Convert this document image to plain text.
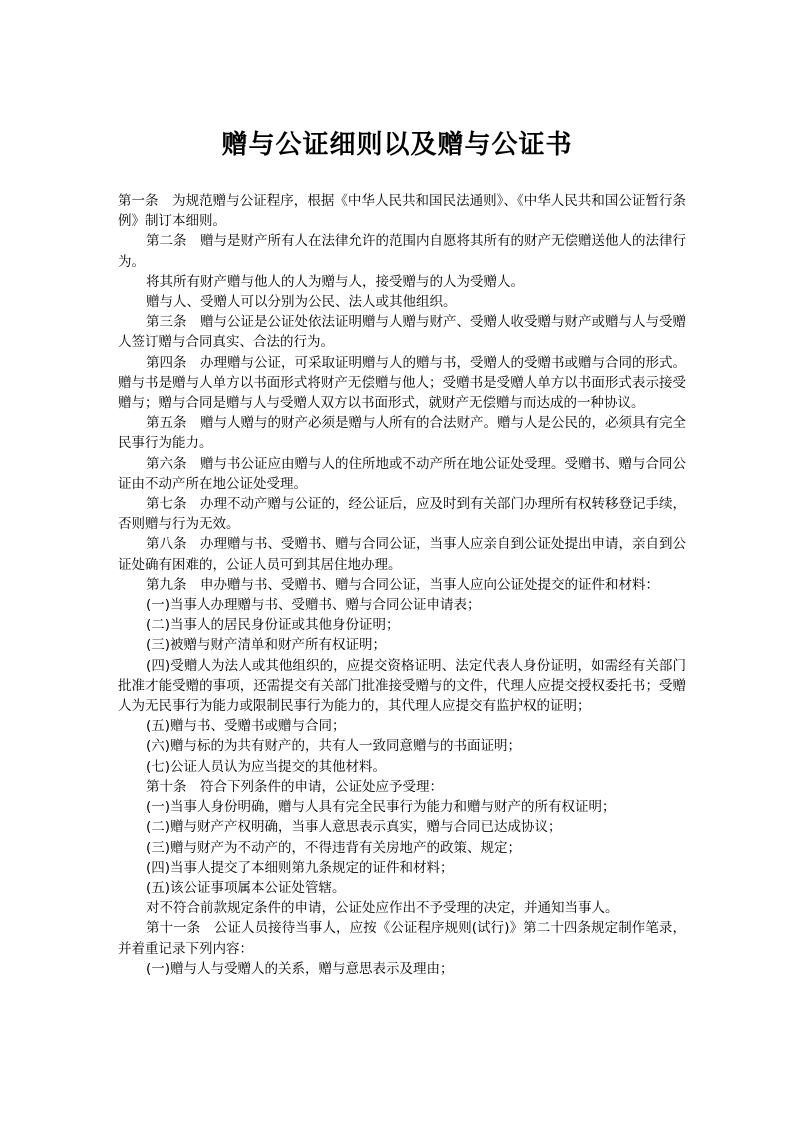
赠与公证细则以及赠与公证书

第一条　为规范赠与公证程序，根据《中华人民共和国民法通则》、《中华人民共和国公证暂行条例》制订本细则。

第二条　赠与是财产所有人在法律允许的范围内自愿将其所有的财产无偿赠送他人的法律行为。

将其所有财产赠与他人的人为赠与人，接受赠与的人为受赠人。

赠与人、受赠人可以分别为公民、法人或其他组织。

第三条　赠与公证是公证处依法证明赠与人赠与财产、受赠人收受赠与财产或赠与人与受赠人签订赠与合同真实、合法的行为。

第四条　办理赠与公证，可采取证明赠与人的赠与书，受赠人的受赠书或赠与合同的形式。赠与书是赠与人单方以书面形式将财产无偿赠与他人；受赠书是受赠人单方以书面形式表示接受赠与；赠与合同是赠与人与受赠人双方以书面形式，就财产无偿赠与而达成的一种协议。

第五条　赠与人赠与的财产必须是赠与人所有的合法财产。赠与人是公民的，必须具有完全民事行为能力。

第六条　赠与书公证应由赠与人的住所地或不动产所在地公证处受理。受赠书、赠与合同公证由不动产所在地公证处受理。

第七条　办理不动产赠与公证的，经公证后，应及时到有关部门办理所有权转移登记手续，否则赠与行为无效。

第八条　办理赠与书、受赠书、赠与合同公证，当事人应亲自到公证处提出申请，亲自到公证处确有困难的，公证人员可到其居住地办理。

第九条　申办赠与书、受赠书、赠与合同公证，当事人应向公证处提交的证件和材料：

(一)当事人办理赠与书、受赠书、赠与合同公证申请表；

(二)当事人的居民身份证或其他身份证明；

(三)被赠与财产清单和财产所有权证明；

(四)受赠人为法人或其他组织的，应提交资格证明、法定代表人身份证明，如需经有关部门批准才能受赠的事项，还需提交有关部门批准接受赠与的文件，代理人应提交授权委托书；受赠人为无民事行为能力或限制民事行为能力的，其代理人应提交有监护权的证明；

(五)赠与书、受赠书或赠与合同；

(六)赠与标的为共有财产的，共有人一致同意赠与的书面证明；

(七)公证人员认为应当提交的其他材料。

第十条　符合下列条件的申请，公证处应予受理：

(一)当事人身份明确，赠与人具有完全民事行为能力和赠与财产的所有权证明；

(二)赠与财产产权明确，当事人意思表示真实，赠与合同已达成协议；

(三)赠与财产为不动产的，不得违背有关房地产的政策、规定；

(四)当事人提交了本细则第九条规定的证件和材料；

(五)该公证事项属本公证处管辖。

对不符合前款规定条件的申请，公证处应作出不予受理的决定，并通知当事人。

第十一条　公证人员接待当事人，应按《公证程序规则(试行)》第二十四条规定制作笔录，并着重记录下列内容：

(一)赠与人与受赠人的关系，赠与意思表示及理由；
